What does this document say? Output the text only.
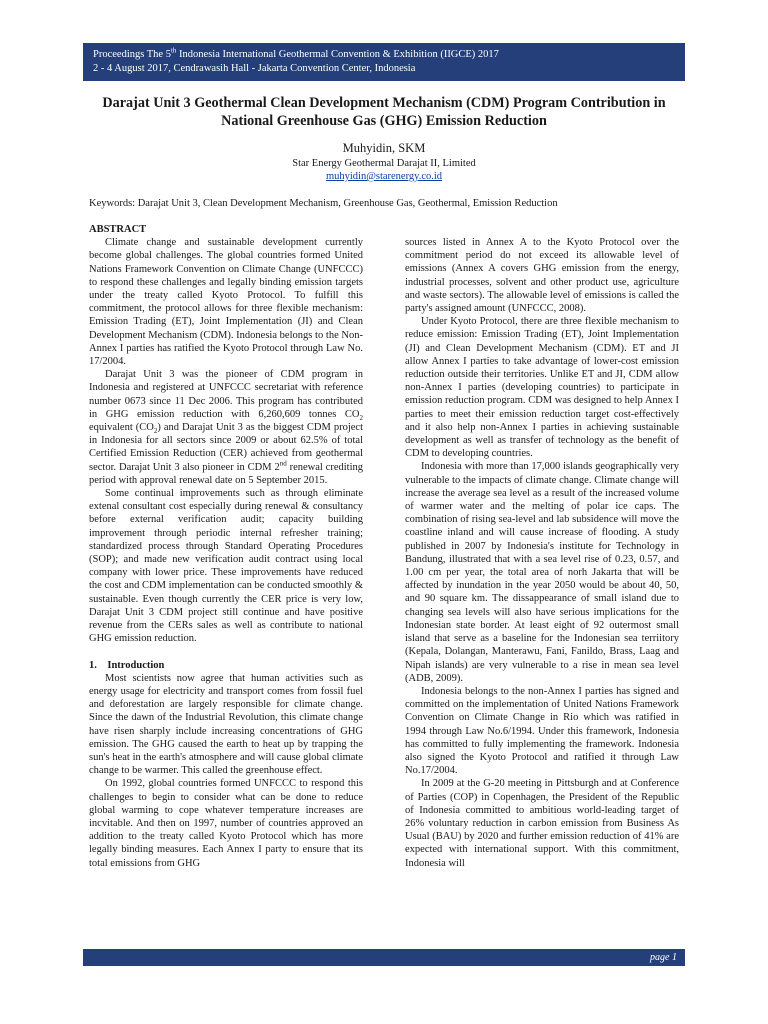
Proceedings The 5th Indonesia International Geothermal Convention & Exhibition (IIGCE) 2017
2 - 4 August 2017, Cendrawasih Hall - Jakarta Convention Center, Indonesia
Darajat Unit 3 Geothermal Clean Development Mechanism (CDM) Program Contribution in National Greenhouse Gas (GHG) Emission Reduction
Muhyidin, SKM
Star Energy Geothermal Darajat II, Limited
muhyidin@starenergy.co.id
Keywords: Darajat Unit 3, Clean Development Mechanism, Greenhouse Gas, Geothermal, Emission Reduction

ABSTRACT

Climate change and sustainable development currently become global challenges. The global countries formed United Nations Framework Convention on Climate Change (UNFCCC) to respond these challenges and legally binding emission targets under the treaty called Kyoto Protocol. To fulfill this commitment, the protocol allows for three flexible mechanism: Emission Trading (ET), Joint Implementation (JI) and Clean Development Mechanism (CDM). Indonesia belongs to the Non-Annex I parties has ratified the Kyoto Protocol through Law No. 17/2004.

Darajat Unit 3 was the pioneer of CDM program in Indonesia and registered at UNFCCC secretariat with reference number 0673 since 11 Dec 2006. This program has contributed in GHG emission reduction with 6,260,609 tonnes $CO_2$ equivalent $(CO_2)$ and Darajat Unit 3 as the biggest CDM project in Indonesia for all sectors since 2009 or about 62.5% of total Certified Emission Reduction (CER) achieved from geothermal sector. Darajat Unit 3 also pioneer in CDM 2nd renewal crediting period with approval renewal date on 5 September 2015.

Some continual improvements such as through eliminate extenal consultant cost especially during renewal & consultancy before external verification audit; capacity building improvement through periodic internal refresher training; standardized process through Standard Operating Procedures (SOP); and made new verification audit contract using local company with lower price. These improvements have reduced the cost and CDM implementation can be conducted smoothly & sustainable. Even though currently the CER price is very low, Darajat Unit 3 CDM project still continue and have positive revenue from the CERs sales as well as contribute to national GHG emission reduction.

1.    Introduction

Most scientists now agree that human activities such as energy usage for electricity and transport comes from fossil fuel and deforestation are largely responsible for climate change. Since the dawn of the Industrial Revolution, this climate change have risen sharply include increasing concentrations of GHG emission. The GHG caused the earth to heat up by trapping the sun's heat in the earth's atmosphere and will cause global climate change to be warmer. This called the greenhouse effect.

On 1992, global countries formed UNFCCC to respond this challenges to begin to consider what can be done to reduce global warming to cope whatever temperature increases are incvitable. And then on 1997, number of countries approved an addition to the treaty called Kyoto Protocol which has more legally binding measures. Each Annex I party to ensure that its total emissions from GHG

sources listed in Annex A to the Kyoto Protocol over the commitment period do not exceed its allowable level of emissions (Annex A covers GHG emission from the energy, industrial processes, solvent and other product use, agriculture and waste sectors). The allowable level of emissions is called the party's assigned amount (UNFCCC, 2008).

Under Kyoto Protocol, there are three flexible mechanism to reduce emission: Emission Trading (ET), Joint Implementation (JI) and Clean Development Mechanism (CDM). ET and JI allow Annex I parties to take advantage of lower-cost emission reduction outside their territories. Unlike ET and JI, CDM allow non-Annex I parties (developing countries) to participate in emission reduction program. CDM was designed to help Annex I parties to meet their emission reduction target cost-effectively and it also help non-Annex I parties in achieving sustainable development as well as transfer of technology as the benefit of CDM to developing countries.

Indonesia with more than 17,000 islands geographically very vulnerable to the impacts of climate change. Climate change will increase the average sea level as a result of the increased volume of warmer water and the melting of polar ice caps. The combination of rising sea-level and lab subsidence will move the coastline inland and will cause increase of flooding. A study published in 2007 by Indonesia's institute for Technology in Bandung, illustrated that with a sea level rise of 0.23, 0.57, and 1.00 cm per year, the total area of norh Jakarta that will be affected by inundation in the year 2050 would be about 40, 50, and 90 square km. The dissappearance of small island due to changing sea levels will also have serious implications for the Indonesian state border. At least eight of 92 outermost small island that serve as a baseline for the Indonesian sea terriitory (Kepala, Dolangan, Manterawu, Fani, Fanildo, Brass, Laag and Nipah islands) are very vulnerable to a rise in mean sea level (ADB, 2009).

Indonesia belongs to the non-Annex I parties has signed and committed on the implementation of United Nations Framework Convention on Climate Change in Rio which was ratified in 1994 through Law No.6/1994. Under this framework, Indonesia has committed to fully implementing the framework. Indonesia also signed the Kyoto Protocol and ratified it through Law No.17/2004.

In 2009 at the G-20 meeting in Pittsburgh and at Conference of Parties (COP) in Copenhagen, the President of the Republic of Indonesia committed to ambitious world-leading target of 26% voluntary reduction in carbon emission from Business As Usual (BAU) by 2020 and further emission reduction of 41% are expected with international support. With this commitment, Indonesia will

page 1
